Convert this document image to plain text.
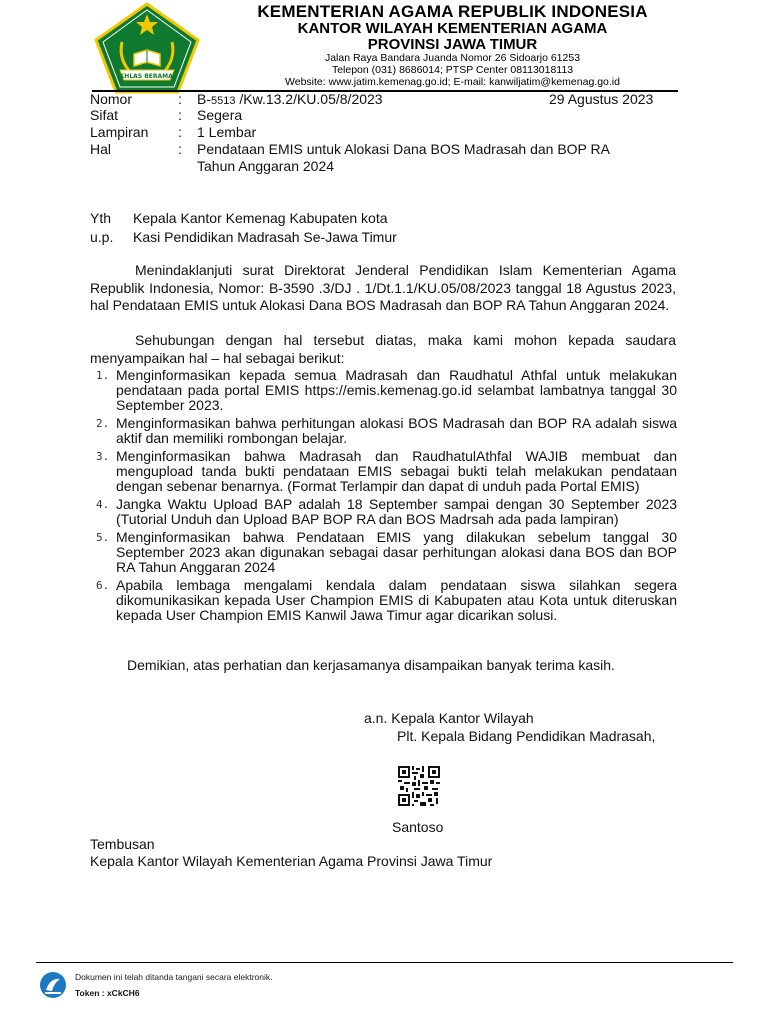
IKHLAS BERAMAL
KEMENTERIAN AGAMA REPUBLIK INDONESIA
KANTOR WILAYAH KEMENTERIAN AGAMA
PROVINSI JAWA TIMUR
Jalan Raya Bandara Juanda Nomor 26 Sidoarjo 61253
Telepon (031) 8686014; PTSP Center 08113018113
Website: www.jatim.kemenag.go.id; E-mail: kanwiljatim@kemenag.go.id
Nomor	: B-5513 /Kw.13.2/KU.05/8/2023	29 Agustus 2023
Sifat	: Segera
Lampiran : 1 Lembar
Hal	: Pendataan EMIS untuk Alokasi Dana BOS Madrasah dan BOP RA
Tahun Anggaran 2024
Yth Kepala Kantor Kemenag Kabupaten kota
u.p. Kasi Pendidikan Madrasah Se-Jawa Timur

Menindaklanjuti surat Direktorat Jenderal Pendidikan Islam Kementerian Agama Republik Indonesia, Nomor: B-3590 .3/DJ . 1/Dt.1.1/KU.05/08/2023 tanggal 18 Agustus 2023, hal Pendataan EMIS untuk Alokasi Dana BOS Madrasah dan BOP RA Tahun Anggaran 2024.

Sehubungan dengan hal tersebut diatas, maka kami mohon kepada saudara menyampaikan hal – hal sebagai berikut:

1. Menginformasikan kepada semua Madrasah dan Raudhatul Athfal untuk melakukan pendataan pada portal EMIS https://emis.kemenag.go.id selambat lambatnya tanggal 30 September 2023.
2. Menginformasikan bahwa perhitungan alokasi BOS Madrasah dan BOP RA adalah siswa aktif dan memiliki rombongan belajar.
3. Menginformasikan bahwa Madrasah dan RaudhatulAthfal WAJIB membuat dan mengupload tanda bukti pendataan EMIS sebagai bukti telah melakukan pendataan dengan sebenar benarnya. (Format Terlampir dan dapat di unduh pada Portal EMIS)
4. Jangka Waktu Upload BAP adalah 18 September sampai dengan 30 September 2023 (Tutorial Unduh dan Upload BAP BOP RA dan BOS Madrsah ada pada lampiran)
5. Menginformasikan bahwa Pendataan EMIS yang dilakukan sebelum tanggal 30 September 2023 akan digunakan sebagai dasar perhitungan alokasi dana BOS dan BOP RA Tahun Anggaran 2024
6. Apabila lembaga mengalami kendala dalam pendataan siswa silahkan segera dikomunikasikan kepada User Champion EMIS di Kabupaten atau Kota untuk diteruskan kepada User Champion EMIS Kanwil Jawa Timur agar dicarikan solusi.
Demikian, atas perhatian dan kerjasamanya disampaikan banyak terima kasih.
a.n. Kepala Kantor Wilayah
Plt. Kepala Bidang Pendidikan Madrasah,
Santoso
Tembusan
Kepala Kantor Wilayah Kementerian Agama Provinsi Jawa Timur
Dokumen ini telah ditanda tangani secara elektronik.
Token : xCkCH6
